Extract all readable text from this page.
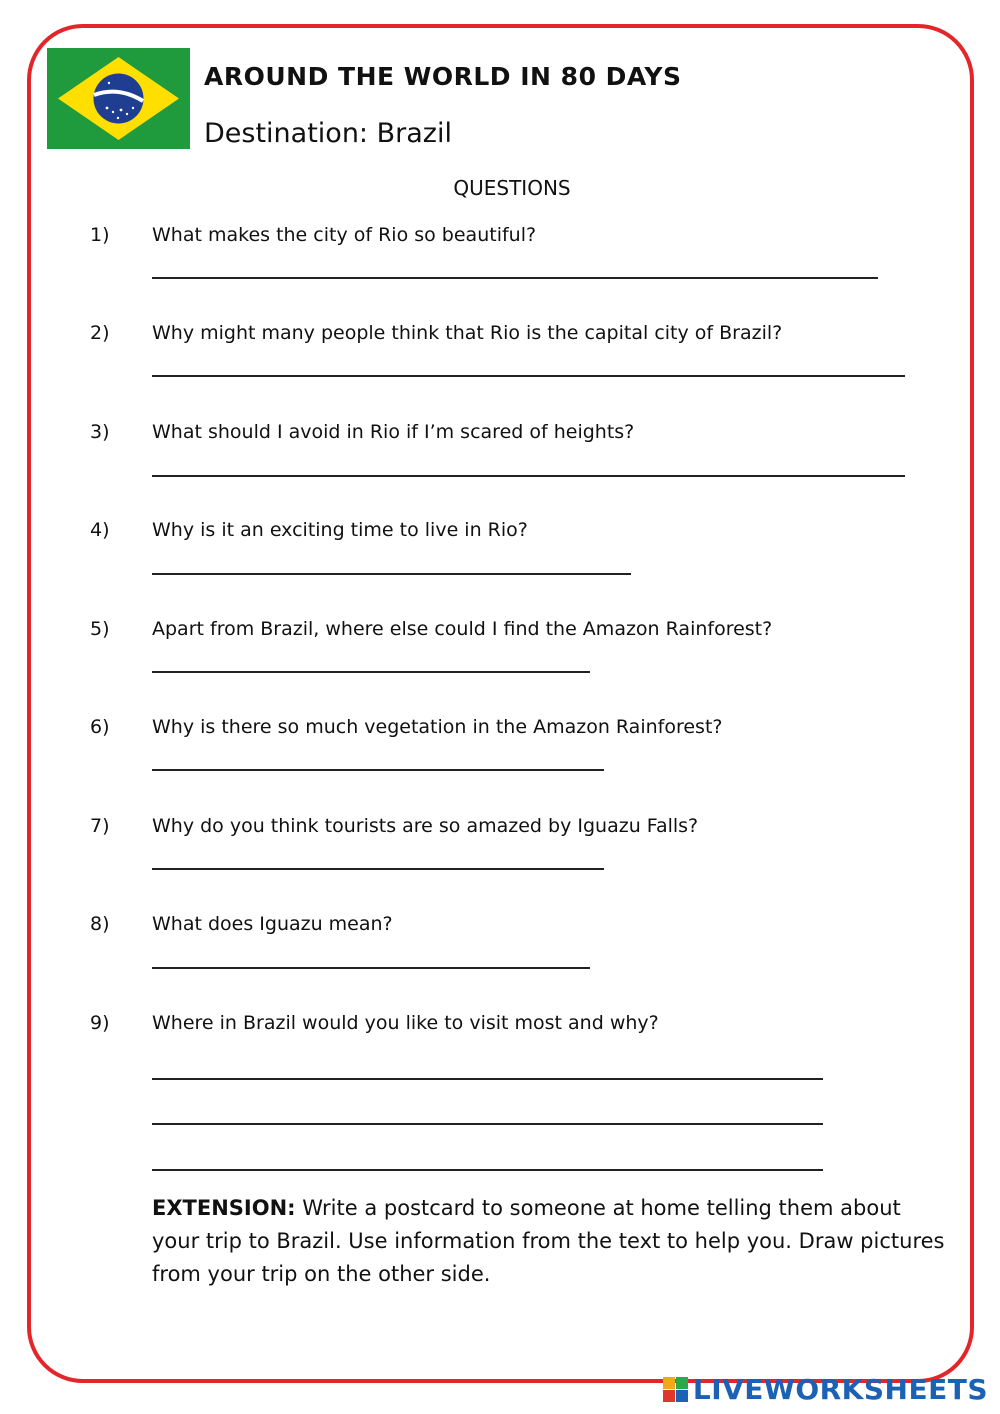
AROUND THE WORLD IN 80 DAYS
Destination: Brazil
QUESTIONS
1) What makes the city of Rio so beautiful?
2) Why might many people think that Rio is the capital city of Brazil?
3) What should I avoid in Rio if I’m scared of heights?
4) Why is it an exciting time to live in Rio?
5) Apart from Brazil, where else could I find the Amazon Rainforest?
6) Why is there so much vegetation in the Amazon Rainforest?
7) Why do you think tourists are so amazed by Iguazu Falls?
8) What does Iguazu mean?
9) Where in Brazil would you like to visit most and why?
EXTENSION: Write a postcard to someone at home telling them about your trip to Brazil. Use information from the text to help you. Draw pictures from your trip on the other side.
LIVEWORKSHEETS
